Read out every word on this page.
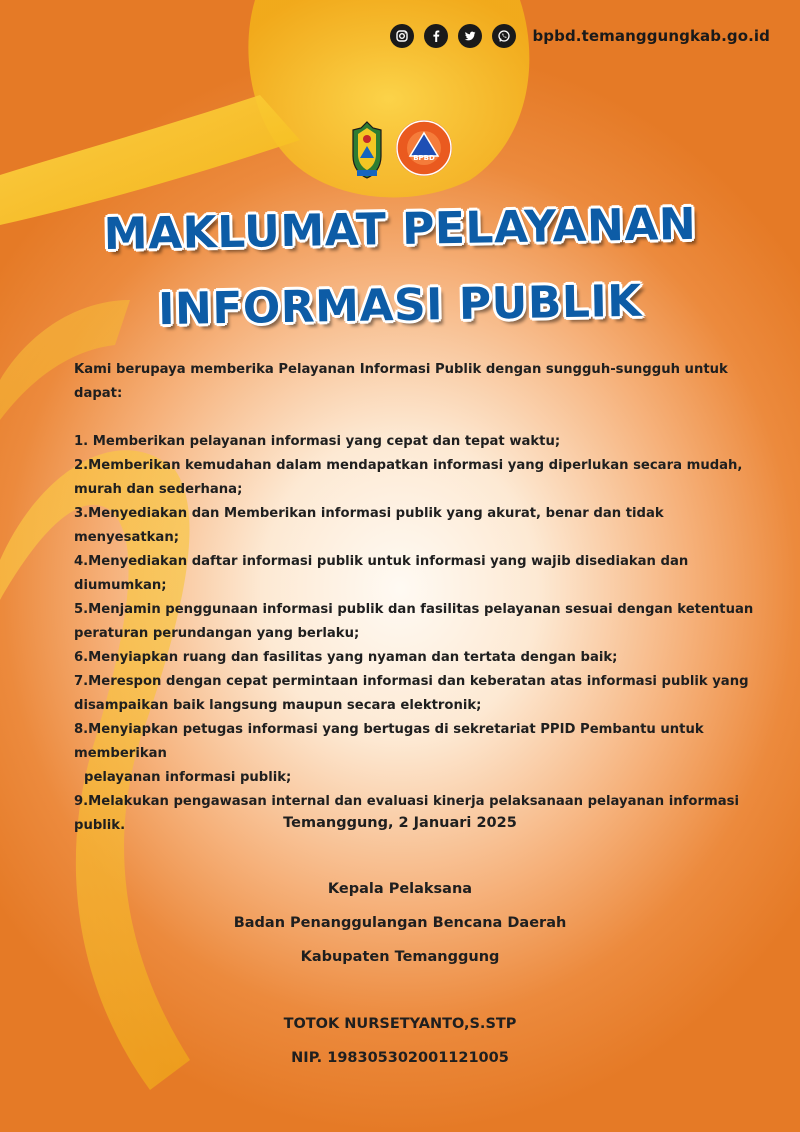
bpbd.temanggungkab.go.id
BPBD
MAKLUMAT PELAYANAN
INFORMASI PUBLIK

Kami berupaya memberika Pelayanan Informasi Publik dengan sungguh-sungguh untuk dapat:

1. Memberikan pelayanan informasi yang cepat dan tepat waktu;

2.Memberikan kemudahan dalam mendapatkan informasi yang diperlukan secara mudah,

murah dan sederhana;

3.Menyediakan dan Memberikan informasi publik yang akurat, benar dan tidak menyesatkan;

4.Menyediakan daftar informasi publik untuk informasi yang wajib disediakan dan diumumkan;

5.Menjamin penggunaan informasi publik dan fasilitas pelayanan sesuai dengan ketentuan

peraturan perundangan yang berlaku;

6.Menyiapkan ruang dan fasilitas yang nyaman dan tertata dengan baik;

7.Merespon dengan cepat permintaan informasi dan keberatan atas informasi publik yang

disampaikan baik langsung maupun secara elektronik;

8.Menyiapkan petugas informasi yang bertugas di sekretariat PPID Pembantu untuk memberikan

pelayanan informasi publik;

9.Melakukan pengawasan internal dan evaluasi kinerja pelaksanaan pelayanan informasi publik.	Temanggung, 2 Januari 2025
Kepala Pelaksana
Badan Penanggulangan Bencana Daerah
Kabupaten Temanggung
TOTOK NURSETYANTO,S.STP
NIP. 198305302001121005
